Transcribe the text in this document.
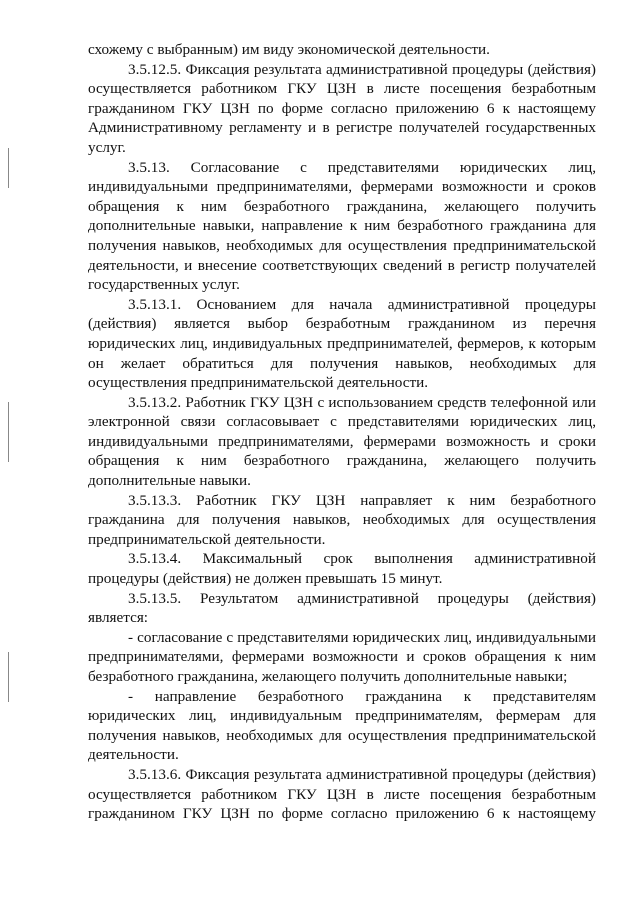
схожему с выбранным) им виду экономической деятельности.

3.5.12.5. Фиксация результата административной процедуры (действия) осуществляется работником ГКУ ЦЗН в листе посещения безработным гражданином ГКУ ЦЗН по форме согласно приложению 6 к настоящему Административному регламенту и в регистре получателей государственных услуг.

3.5.13. Согласование с представителями юридических лиц, индивидуальными предпринимателями, фермерами возможности и сроков обращения к ним безработного гражданина, желающего получить дополнительные навыки, направление к ним безработного гражданина для получения навыков, необходимых для осуществления предпринимательской деятельности, и внесение соответствующих сведений в регистр получателей государственных услуг.

3.5.13.1. Основанием для начала административной процедуры (действия) является выбор безработным гражданином из перечня юридических лиц, индивидуальных предпринимателей, фермеров, к которым он желает обратиться для получения навыков, необходимых для осуществления предпринимательской деятельности.

3.5.13.2. Работник ГКУ ЦЗН с использованием средств телефонной или электронной связи согласовывает с представителями юридических лиц, индивидуальными предпринимателями, фермерами возможность и сроки обращения к ним безработного гражданина, желающего получить дополнительные навыки.

3.5.13.3. Работник ГКУ ЦЗН направляет к ним безработного гражданина для получения навыков, необходимых для осуществления предпринимательской деятельности.

3.5.13.4. Максимальный срок выполнения административной процедуры (действия) не должен превышать 15 минут.

3.5.13.5. Результатом административной процедуры (действия) является:

- согласование с представителями юридических лиц, индивидуальными предпринимателями, фермерами возможности и сроков обращения к ним безработного гражданина, желающего получить дополнительные навыки;

- направление безработного гражданина к представителям юридических лиц, индивидуальным предпринимателям, фермерам для получения навыков, необходимых для осуществления предпринимательской деятельности.

3.5.13.6. Фиксация результата административной процедуры (действия) осуществляется работником ГКУ ЦЗН в листе посещения безработным гражданином ГКУ ЦЗН по форме согласно приложению 6 к настоящему
